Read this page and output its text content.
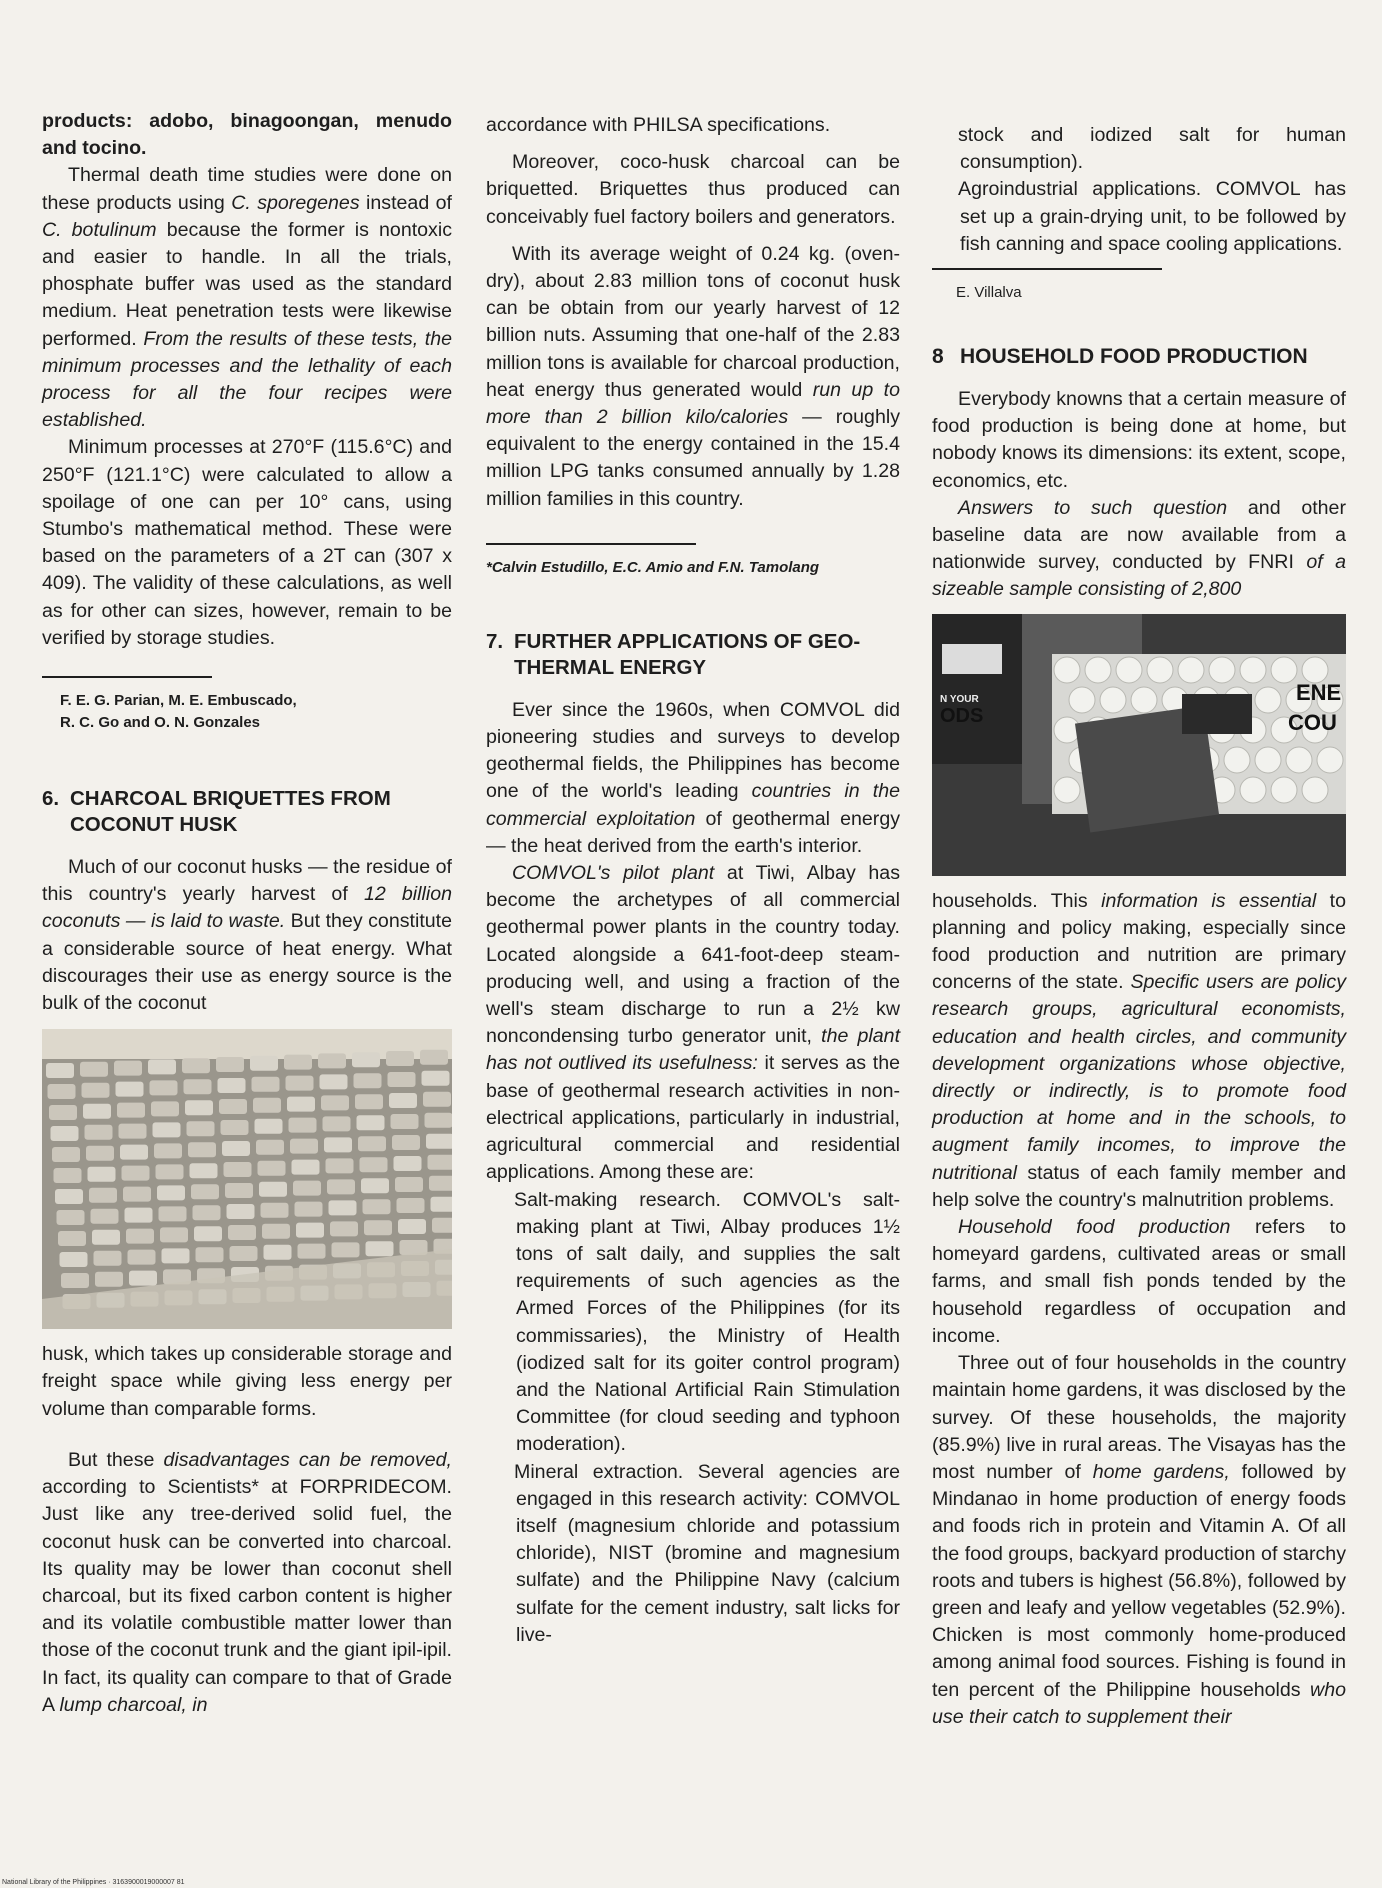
products: adobo, binagoongan, menudo and tocino.

Thermal death time studies were done on these products using C. sporegenes instead of C. botulinum because the former is nontoxic and easier to handle. In all the trials, phosphate buffer was used as the standard medium. Heat penetration tests were likewise performed. From the results of these tests, the minimum processes and the lethality of each process for all the four recipes were established.

Minimum processes at 270°F (115.6°C) and 250°F (121.1°C) were calculated to allow a spoilage of one can per 10° cans, using Stumbo's mathematical method. These were based on the parameters of a 2T can (307 x 409). The validity of these calculations, as well as for other can sizes, however, remain to be verified by storage studies.

F. E. G. Parian, M. E. Embuscado,

R. C. Go and O. N. Gonzales

6. CHARCOAL BRIQUETTES FROM
COCONUT HUSK

Much of our coconut husks — the residue of this country's yearly harvest of 12 billion coconuts — is laid to waste. But they constitute a considerable source of heat energy. What discourages their use as energy source is the bulk of the coconut

husk, which takes up considerable storage and freight space while giving less energy per volume than comparable forms.

But these disadvantages can be removed, according to Scientists* at FORPRIDECOM. Just like any tree-derived solid fuel, the coconut husk can be converted into charcoal. Its quality may be lower than coconut shell charcoal, but its fixed carbon content is higher and its volatile combustible matter lower than those of the coconut trunk and the giant ipil-ipil. In fact, its quality can compare to that of Grade A lump charcoal, in

accordance with PHILSA specifications.

Moreover, coco-husk charcoal can be briquetted. Briquettes thus produced can conceivably fuel factory boilers and generators.

With its average weight of 0.24 kg. (oven-dry), about 2.83 million tons of coconut husk can be obtain from our yearly harvest of 12 billion nuts. Assuming that one-half of the 2.83 million tons is available for charcoal production, heat energy thus generated would run up to more than 2 billion kilo/calories — roughly equivalent to the energy contained in the 15.4 million LPG tanks consumed annually by 1.28 million families in this country.

*Calvin Estudillo, E.C. Amio and F.N. Tamolang

7. FURTHER APPLICATIONS OF GEO-
THERMAL ENERGY

Ever since the 1960s, when COMVOL did pioneering studies and surveys to develop geothermal fields, the Philippines has become one of the world's leading countries in the commercial exploitation of geothermal energy — the heat derived from the earth's interior.

COMVOL's pilot plant at Tiwi, Albay has become the archetypes of all commercial geothermal power plants in the country today. Located alongside a 641-foot-deep steam-producing well, and using a fraction of the well's steam discharge to run a 2½ kw noncondensing turbo generator unit, the plant has not outlived its usefulness: it serves as the base of geothermal research activities in non-electrical applications, particularly in industrial, agricultural commercial and residential applications. Among these are:

Salt-making research. COMVOL's salt-making plant at Tiwi, Albay produces 1½ tons of salt daily, and supplies the salt requirements of such agencies as the Armed Forces of the Philippines (for its commissaries), the Ministry of Health (iodized salt for its goiter control program) and the National Artificial Rain Stimulation Committee (for cloud seeding and typhoon moderation).

Mineral extraction. Several agencies are engaged in this research activity: COMVOL itself (magnesium chloride and potassium chloride), NIST (bromine and magnesium sulfate) and the Philippine Navy (calcium sulfate for the cement industry, salt licks for live-

stock and iodized salt for human consumption).

Agroindustrial applications. COMVOL has set up a grain-drying unit, to be followed by fish canning and space cooling applications.

E. Villalva

8 HOUSEHOLD FOOD PRODUCTION

Everybody knowns that a certain measure of food production is being done at home, but nobody knows its dimensions: its extent, scope, economics, etc.

Answers to such question and other baseline data are now available from a nationwide survey, conducted by FNRI of a sizeable sample consisting of 2,800

N YOUR
ODS
ENE
COU

households. This information is essential to planning and policy making, especially since food production and nutrition are primary concerns of the state. Specific users are policy research groups, agricultural economists, education and health circles, and community development organizations whose objective, directly or indirectly, is to promote food production at home and in the schools, to augment family incomes, to improve the nutritional status of each family member and help solve the country's malnutrition problems.

Household food production refers to homeyard gardens, cultivated areas or small farms, and small fish ponds tended by the household regardless of occupation and income.

Three out of four households in the country maintain home gardens, it was disclosed by the survey. Of these households, the majority (85.9%) live in rural areas. The Visayas has the most number of home gardens, followed by Mindanao in home production of energy foods and foods rich in protein and Vitamin A. Of all the food groups, backyard production of starchy roots and tubers is highest (56.8%), followed by green and leafy and yellow vegetables (52.9%). Chicken is most commonly home-produced among animal food sources. Fishing is found in ten percent of the Philippine households who use their catch to supplement their

National Library of the Philippines · 3163900019000007 81
